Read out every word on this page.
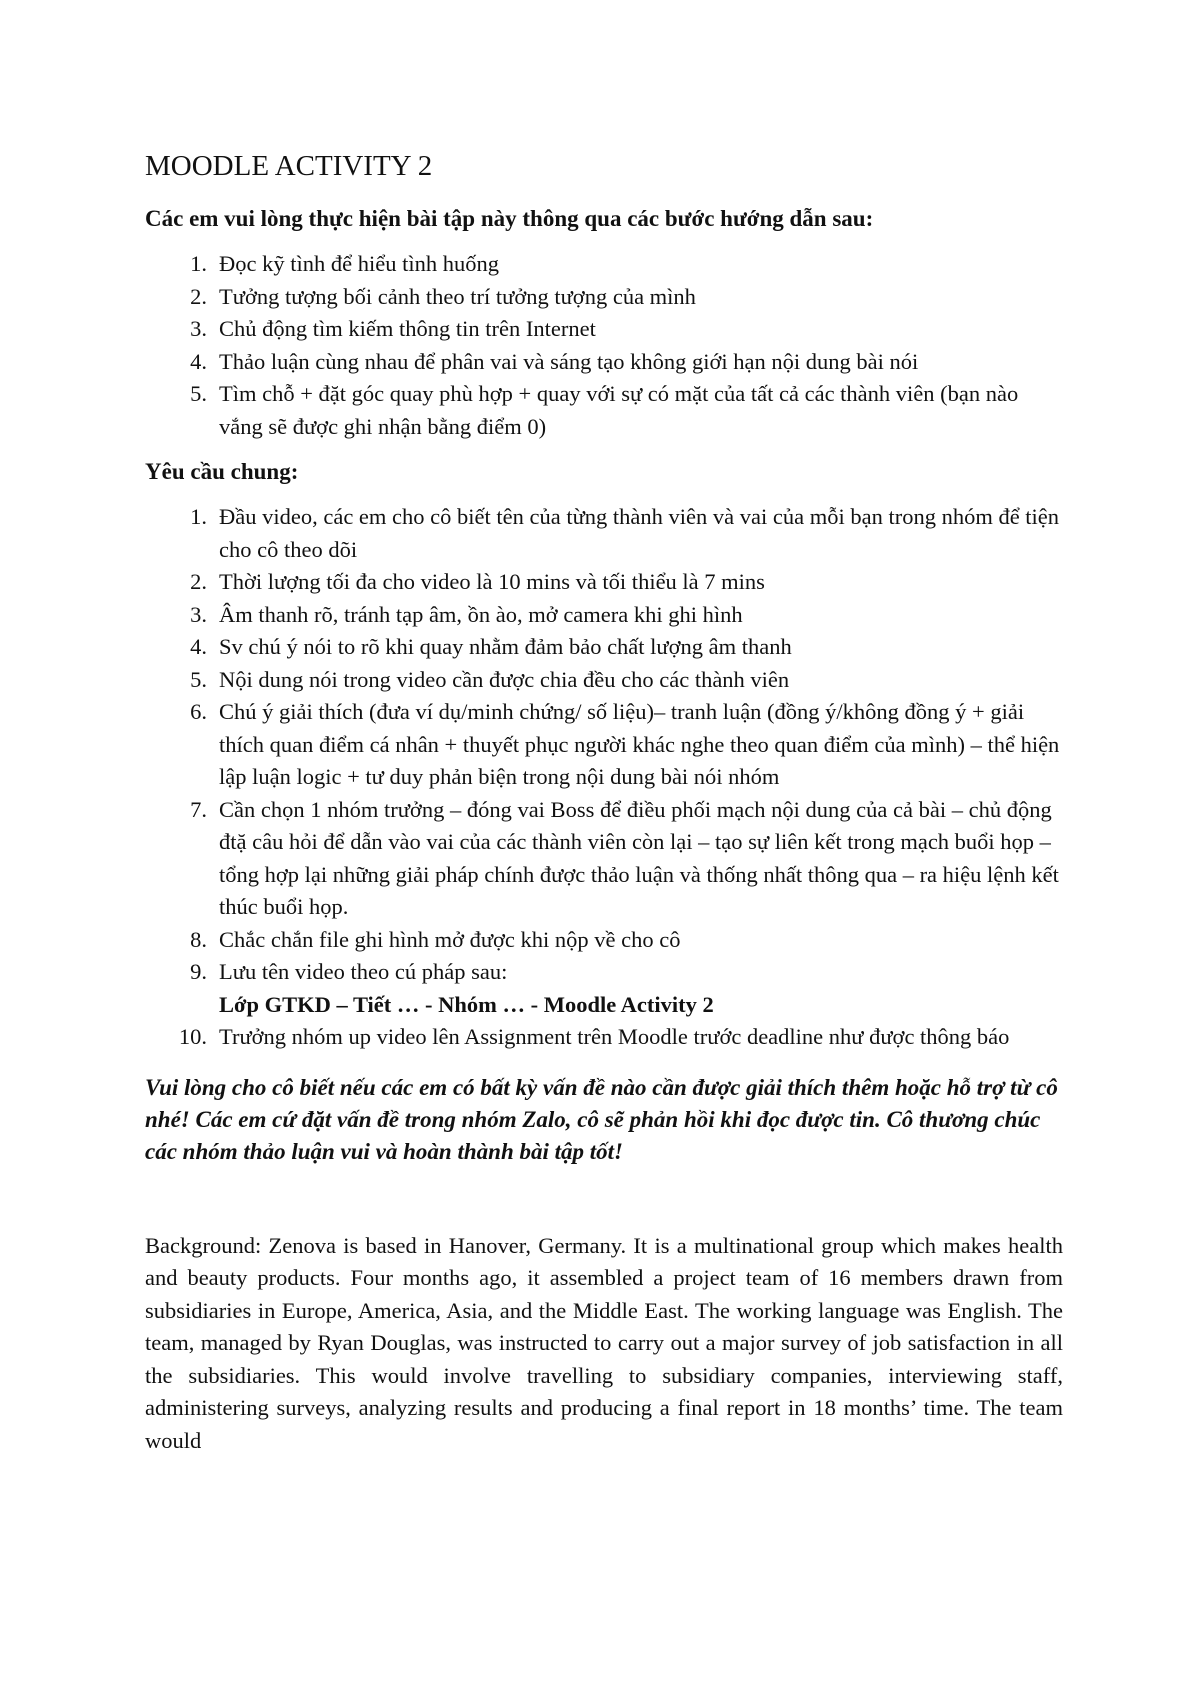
MOODLE ACTIVITY 2

Các em vui lòng thực hiện bài tập này thông qua các bước hướng dẫn sau:

1. Đọc kỹ tình để hiểu tình huống
2. Tưởng tượng bối cảnh theo trí tưởng tượng của mình
3. Chủ động tìm kiếm thông tin trên Internet
4. Thảo luận cùng nhau để phân vai và sáng tạo không giới hạn nội dung bài nói
5. Tìm chỗ + đặt góc quay phù hợp + quay với sự có mặt của tất cả các thành viên (bạn nào vắng sẽ được ghi nhận bằng điểm 0)

Yêu cầu chung:

1. Đầu video, các em cho cô biết tên của từng thành viên và vai của mỗi bạn trong nhóm để tiện cho cô theo dõi
2. Thời lượng tối đa cho video là 10 mins và tối thiểu là 7 mins
3. Âm thanh rõ, tránh tạp âm, ồn ào, mở camera khi ghi hình
4. Sv chú ý nói to rõ khi quay nhằm đảm bảo chất lượng âm thanh
5. Nội dung nói trong video cần được chia đều cho các thành viên
6. Chú ý giải thích (đưa ví dụ/minh chứng/ số liệu)– tranh luận (đồng ý/không đồng ý + giải thích quan điểm cá nhân + thuyết phục người khác nghe theo quan điểm của mình) – thể hiện lập luận logic + tư duy phản biện trong nội dung bài nói nhóm
7. Cần chọn 1 nhóm trưởng – đóng vai Boss để điều phối mạch nội dung của cả bài – chủ động đtặ câu hỏi để dẫn vào vai của các thành viên còn lại – tạo sự liên kết trong mạch buổi họp – tổng hợp lại những giải pháp chính được thảo luận và thống nhất thông qua – ra hiệu lệnh kết thúc buổi họp.
8. Chắc chắn file ghi hình mở được khi nộp về cho cô
9. Lưu tên video theo cú pháp sau:
Lớp GTKD – Tiết … - Nhóm … - Moodle Activity 2
10. Trưởng nhóm up video lên Assignment trên Moodle trước deadline như được thông báo

Vui lòng cho cô biết nếu các em có bất kỳ vấn đề nào cần được giải thích thêm hoặc hỗ trợ từ cô nhé! Các em cứ đặt vấn đề trong nhóm Zalo, cô sẽ phản hồi khi đọc được tin. Cô thương chúc các nhóm thảo luận vui và hoàn thành bài tập tốt!

Background: Zenova is based in Hanover, Germany. It is a multinational group which makes health and beauty products. Four months ago, it assembled a project team of 16 members drawn from subsidiaries in Europe, America, Asia, and the Middle East. The working language was English. The team, managed by Ryan Douglas, was instructed to carry out a major survey of job satisfaction in all the subsidiaries. This would involve travelling to subsidiary companies, interviewing staff, administering surveys, analyzing results and producing a final report in 18 months’ time. The team would
